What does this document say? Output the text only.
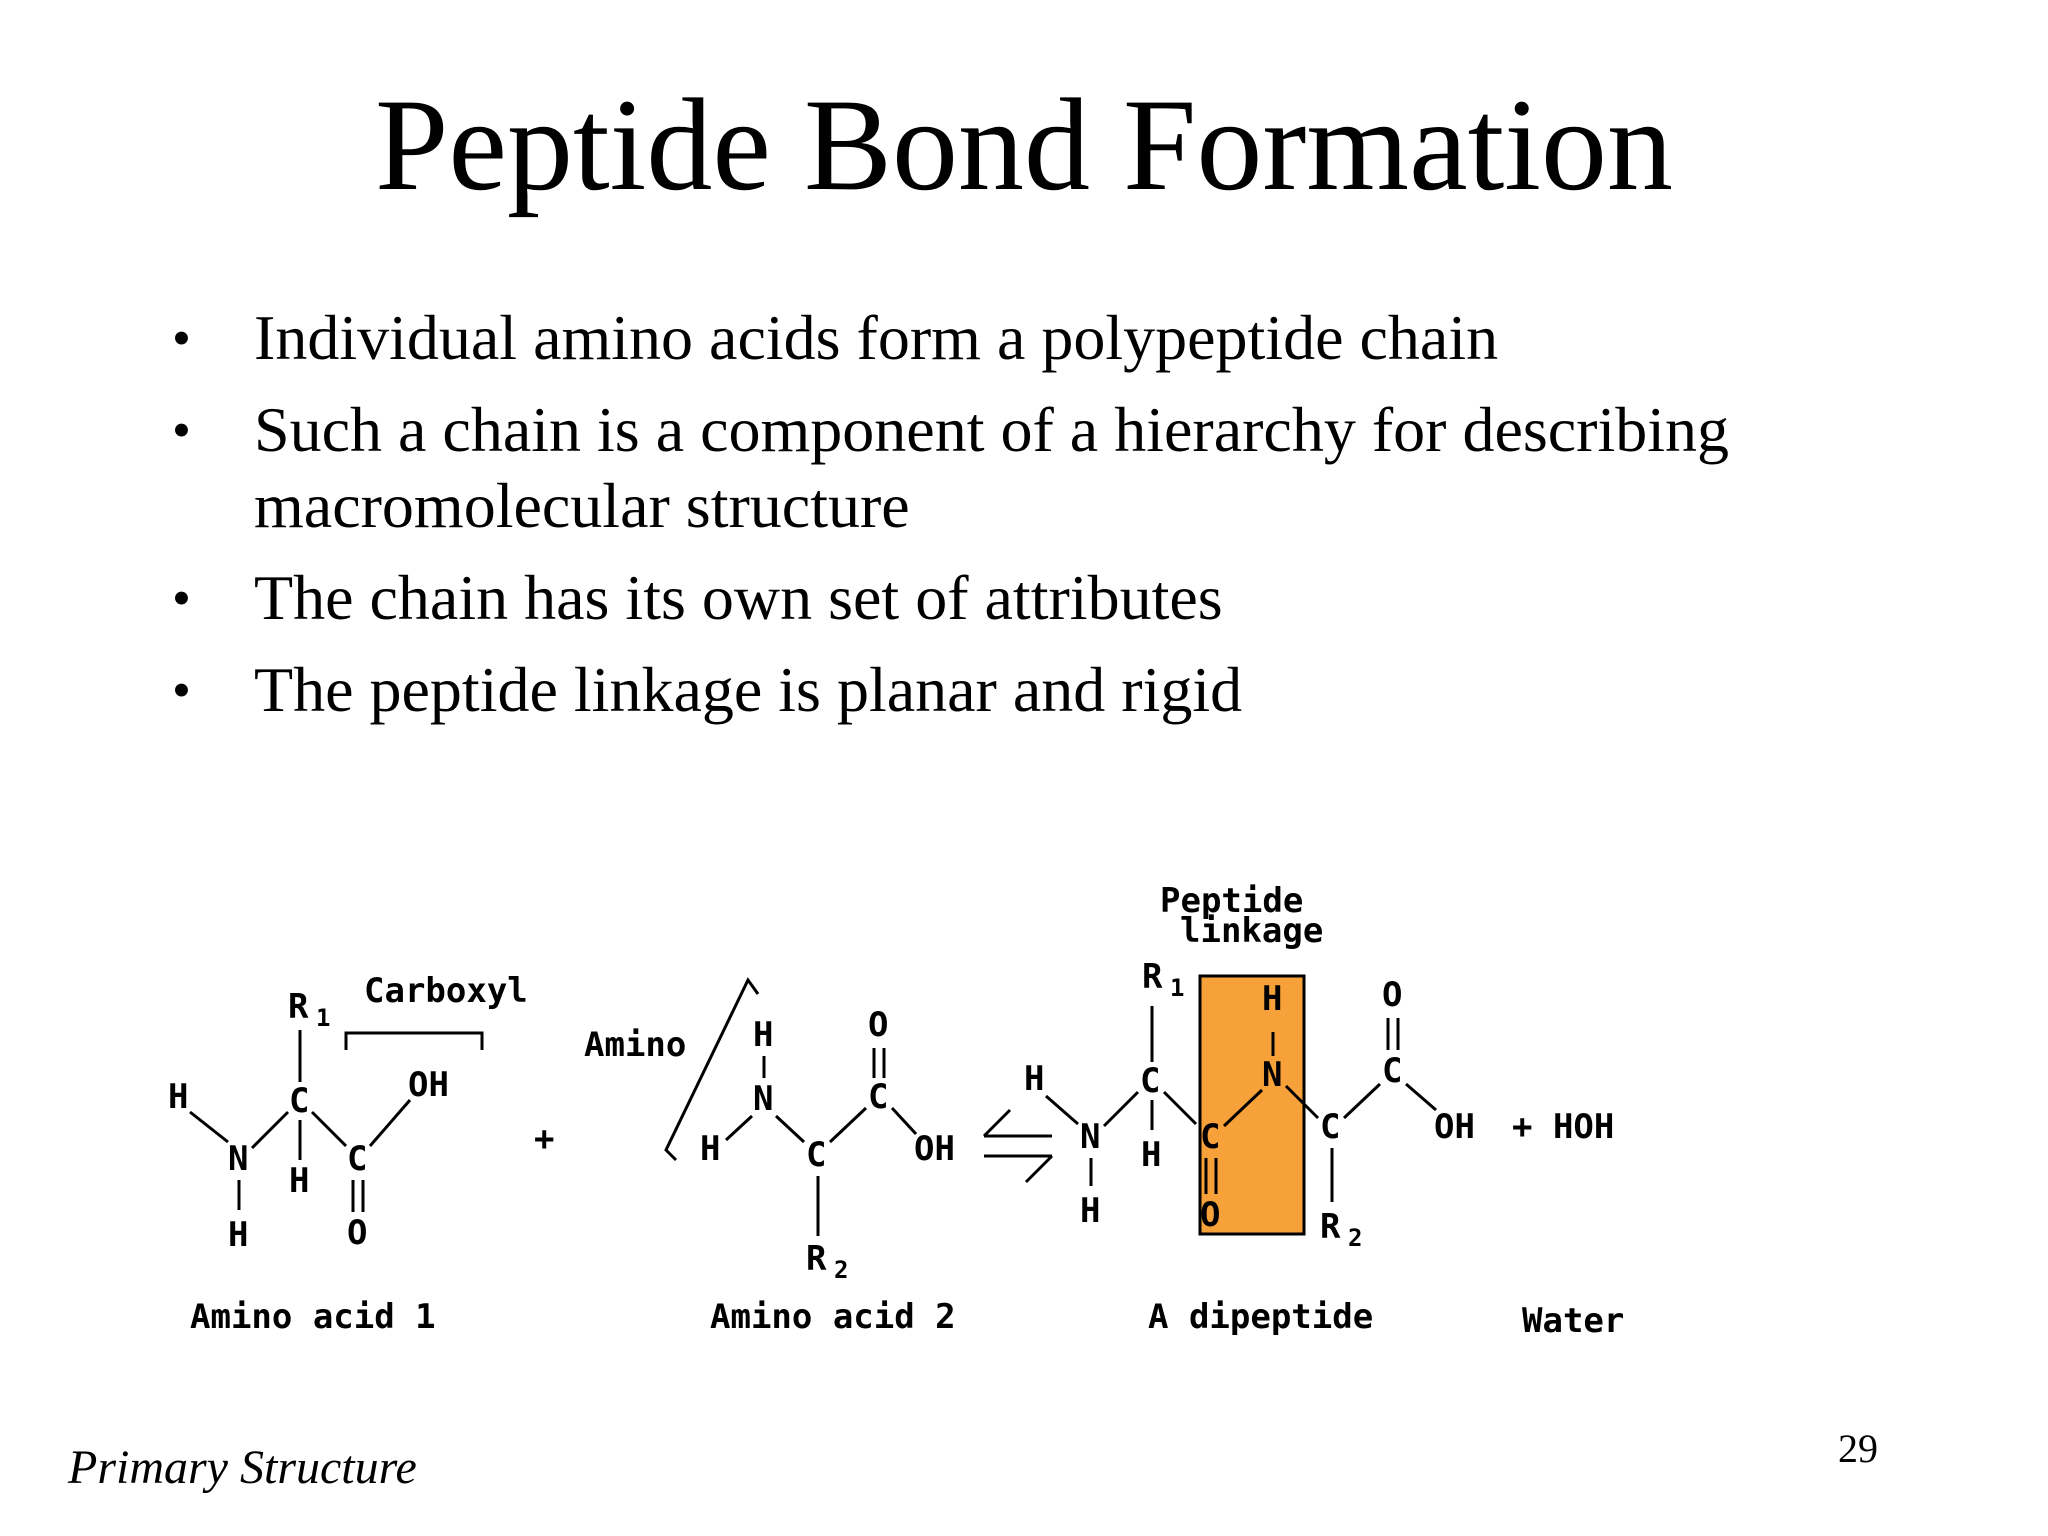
Peptide Bond Formation
• Individual amino acids form a polypeptide chain
• Such a chain is a component of a hierarchy for describing macromolecular structure
• The chain has its own set of attributes
• The peptide linkage is planar and rigid
R 1
C
H
H
N
H
C
OH
O
Carboxyl
+
Amino H
N
H	C
R 2
C
O
OH
Peptide
linkage
H
N
H
C
R 1
H C
O
N
H
C
R 2
C
O
OH + HOH
Amino acid 1	Amino acid 2	A dipeptide	Water
Primary Structure	29
